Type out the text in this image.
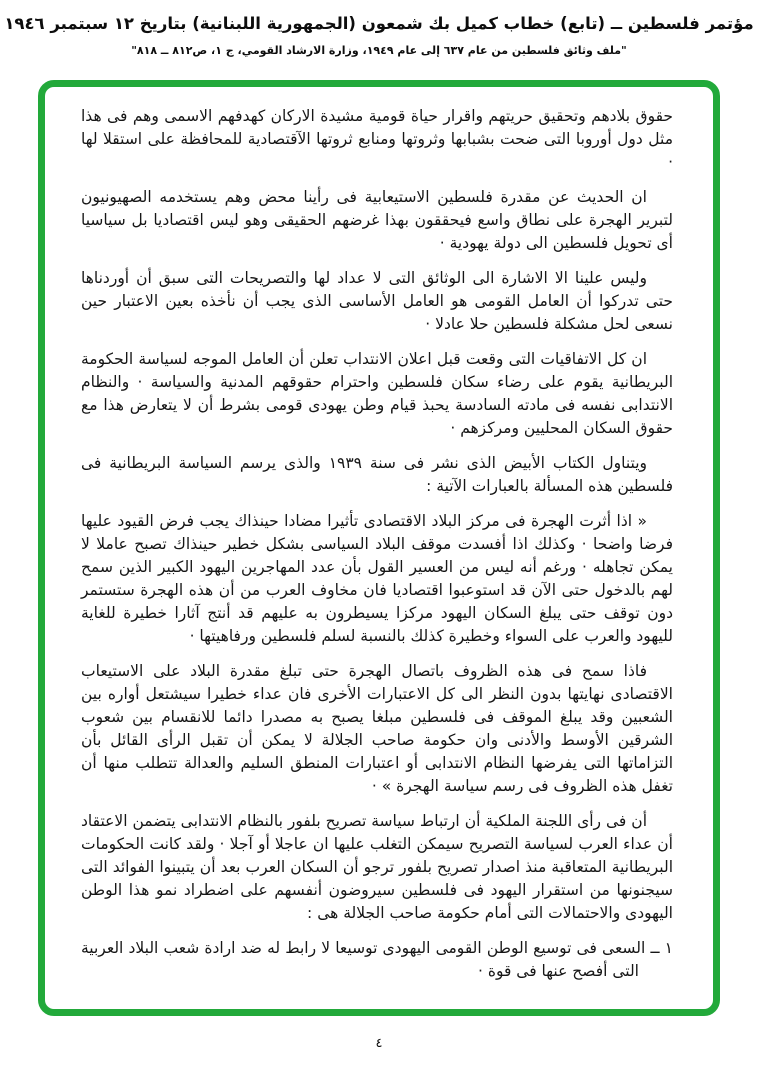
مؤتمر فلسطين ــ (تابع) خطاب كميل بك شمعون (الجمهورية اللبنانية) بتاريخ ١٢ سبتمبر ١٩٤٦
"ملف وثائق فلسطين من عام ٦٣٧ إلى عام ١٩٤٩، وزارة الارشاد القومي، ج ١، ص٨١٢ ــ ٨١٨"

حقوق بلادهم وتحقيق حريتهم واقرار حياة قومية مشيدة الاركان كهدفهم الاسمى وهم فى هذا مثل دول أوروبا التى ضحت بشبابها وثروتها ومنابع ثروتها الآقتصادية للمحافظة على استقلا لها ·

ان الحديث عن مقدرة فلسطين الاستيعابية فى رأينا محض وهم يستخدمه الصهيونيون لتبرير الهجرة على نطاق واسع فيحققون بهذا غرضهم الحقيقى وهو ليس اقتصاديا بل سياسيا أى تحويل فلسطين الى دولة يهودية ·

وليس علينا الا الاشارة الى الوثائق التى لا عداد لها والتصريحات التى سبق أن أوردناها حتى تدركوا أن العامل القومى هو العامل الأساسى الذى يجب أن نأخذه بعين الاعتبار حين نسعى لحل مشكلة فلسطين حلا عادلا ·

ان كل الاتفاقيات التى وقعت قبل اعلان الانتداب تعلن أن العامل الموجه لسياسة الحكومة البريطانية يقوم على رضاء سكان فلسطين واحترام حقوقهم المدنية والسياسة · والنظام الانتدابى نفسه فى مادته السادسة يحبذ قيام وطن يهودى قومى بشرط أن لا يتعارض هذا مع حقوق السكان المحليين ومركزهم ·

ويتناول الكتاب الأبيض الذى نشر فى سنة ١٩٣٩ والذى يرسم السياسة البريطانية فى فلسطين هذه المسألة بالعبارات الآتية :

« اذا أثرت الهجرة فى مركز البلاد الاقتصادى تأثيرا مضادا حينذاك يجب فرض القيود عليها فرضا واضحا · وكذلك اذا أفسدت موقف البلاد السياسى بشكل خطير حينذاك تصبح عاملا لا يمكن تجاهله · ورغم أنه ليس من العسير القول بأن عدد المهاجرين اليهود الكبير الذين سمح لهم بالدخول حتى الآن قد استوعبوا اقتصاديا فان مخاوف العرب من أن هذه الهجرة ستستمر دون توقف حتى يبلغ السكان اليهود مركزا يسيطرون به عليهم قد أنتج آثارا خطيرة للغاية لليهود والعرب على السواء وخطيرة كذلك بالنسبة لسلم فلسطين ورفاهيتها ·

فاذا سمح فى هذه الظروف باتصال الهجرة حتى تبلغ مقدرة البلاد على الاستيعاب الاقتصادى نهايتها بدون النظر الى كل الاعتبارات الأخرى فان عداء خطيرا سيشتعل أواره بين الشعبين وقد يبلغ الموقف فى فلسطين مبلغا يصبح به مصدرا دائما للانقسام بين شعوب الشرقين الأوسط والأدنى وان حكومة صاحب الجلالة لا يمكن أن تقبل الرأى القائل بأن التزاماتها التى يفرضها النظام الانتدابى أو اعتبارات المنطق السليم والعدالة تتطلب منها أن تغفل هذه الظروف فى رسم سياسة الهجرة » ·

أن فى رأى اللجنة الملكية أن ارتباط سياسة تصريح بلفور بالنظام الانتدابى يتضمن الاعتقاد أن عداء العرب لسياسة التصريح سيمكن التغلب عليها ان عاجلا أو آجلا · ولقد كانت الحكومات البريطانية المتعاقبة منذ اصدار تصريح بلفور ترجو أن السكان العرب بعد أن يتبينوا الفوائد التى سيجنونها من استقرار اليهود فى فلسطين سيروضون أنفسهم على اضطراد نمو هذا الوطن اليهودى والاحتمالات التى أمام حكومة صاحب الجلالة هى :

١ ــ السعى فى توسيع الوطن القومى اليهودى توسيعا لا رابط له ضد ارادة شعب البلاد العربية التى أفصح عنها فى قوة ·
٤
